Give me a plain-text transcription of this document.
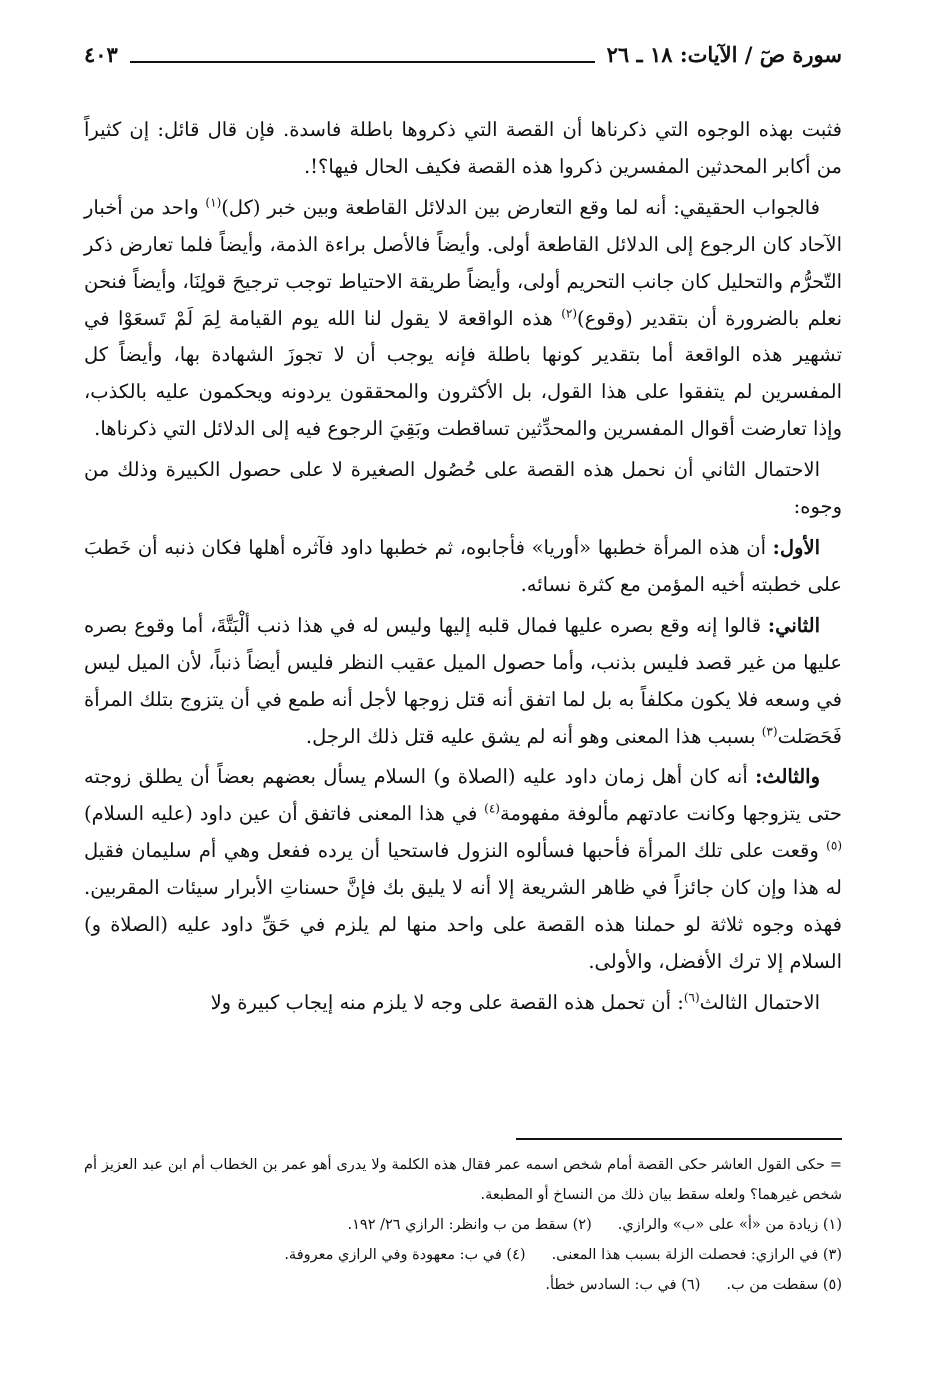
سورة صٓ / الآيات: ١٨ ـ ٢٦
٤٠٣

فثبت بهذه الوجوه التي ذكرناها أن القصة التي ذكروها باطلة فاسدة. فإن قال قائل: إن كثيراً من أكابر المحدثين المفسرين ذكروا هذه القصة فكيف الحال فيها؟!.

فالجواب الحقيقي: أنه لما وقع التعارض بين الدلائل القاطعة وبين خبر (كل)$^{(١)}$ واحد من أخبار الآحاد كان الرجوع إلى الدلائل القاطعة أولى. وأيضاً فالأصل براءة الذمة، وأيضاً فلما تعارض ذكر التّحرُّم والتحليل كان جانب التحريم أولى، وأيضاً طريقة الاحتياط توجب ترجيحَ قولِنَا، وأيضاً فنحن نعلم بالضرورة أن بتقدير (وقوع)$^{(٢)}$ هذه الواقعة لا يقول لنا الله يوم القيامة لِمَ لَمْ تَسعَوْا في تشهير هذه الواقعة أما بتقدير كونها باطلة فإنه يوجب أن لا تجوزَ الشهادة بها، وأيضاً كل المفسرين لم يتفقوا على هذا القول، بل الأكثرون والمحققون يردونه ويحكمون عليه بالكذب، وإذا تعارضت أقوال المفسرين والمحدِّثين تساقطت وبَقِيَ الرجوع فيه إلى الدلائل التي ذكرناها.

الاحتمال الثاني أن نحمل هذه القصة على حُصُول الصغيرة لا على حصول الكبيرة وذلك من وجوه:

الأول: أن هذه المرأة خطبها «أوريا» فأجابوه، ثم خطبها داود فآثره أهلها فكان ذنبه أن خَطبَ على خطبته أخيه المؤمن مع كثرة نسائه.

الثاني: قالوا إنه وقع بصره عليها فمال قلبه إليها وليس له في هذا ذنب ألْبَتَّةَ، أما وقوع بصره عليها من غير قصد فليس بذنب، وأما حصول الميل عقيب النظر فليس أيضاً ذنباً، لأن الميل ليس في وسعه فلا يكون مكلفاً به بل لما اتفق أنه قتل زوجها لأجل أنه طمع في أن يتزوج بتلك المرأة فَحَصَلت$^{(٣)}$ بسبب هذا المعنى وهو أنه لم يشق عليه قتل ذلك الرجل.

والثالث: أنه كان أهل زمان داود عليه (الصلاة و) السلام يسأل بعضهم بعضاً أن يطلق زوجته حتى يتزوجها وكانت عادتهم مألوفة مفهومة$^{(٤)}$ في هذا المعنى فاتفق أن عين داود (عليه السلام)$^{(٥)}$ وقعت على تلك المرأة فأحبها فسألوه النزول فاستحيا أن يرده ففعل وهي أم سليمان فقيل له هذا وإن كان جائزاً في ظاهر الشريعة إلا أنه لا يليق بك فإنَّ حسناتِ الأبرار سيئات المقربين. فهذه وجوه ثلاثة لو حملنا هذه القصة على واحد منها لم يلزم في حَقِّ داود عليه (الصلاة و) السلام إلا ترك الأفضل، والأولى.

الاحتمال الثالث$^{(٦)}$: أن تحمل هذه القصة على وجه لا يلزم منه إيجاب كبيرة ولا

= حكى القول العاشر حكى القصة أمام شخص اسمه عمر فقال هذه الكلمة ولا يدرى أهو عمر بن الخطاب أم ابن عبد العزيز أم شخص غيرهما؟ ولعله سقط بيان ذلك من النساخ أو المطبعة.
(١) زيادة من «أ» على «ب» والرازي.
(٢) سقط من ب وانظر: الرازي ٢٦/ ١٩٢.
(٣) في الرازي: فحصلت الزلة بسبب هذا المعنى.
(٤) في ب: معهودة وفي الرازي معروفة.
(٥) سقطت من ب.
(٦) في ب: السادس خطأ.
